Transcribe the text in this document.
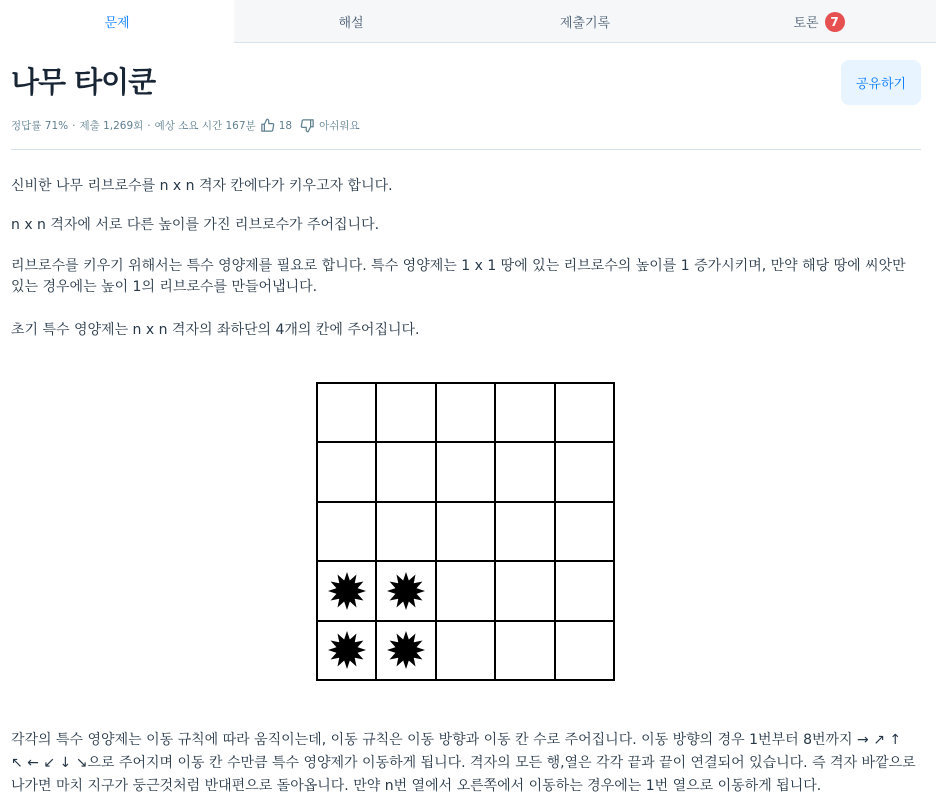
문제	해설	제출기록	토론 7
나무 타이쿤	공유하기
정답률 71% · 제출 1,269회 · 예상 소요 시간 167분 18	아쉬워요

신비한 나무 리브로수를 n x n 격자 칸에다가 키우고자 합니다.

n x n 격자에 서로 다른 높이를 가진 리브로수가 주어집니다.

리브로수를 키우기 위해서는 특수 영양제를 필요로 합니다. 특수 영양제는 1 x 1 땅에 있는 리브로수의 높이를 1 증가시키며, 만약 해당 땅에 씨앗만 있는 경우에는 높이 1의 리브로수를 만들어냅니다.

초기 특수 영양제는 n x n 격자의 좌하단의 4개의 칸에 주어집니다.

각각의 특수 영양제는 이동 규칙에 따라 움직이는데, 이동 규칙은 이동 방향과 이동 칸 수로 주어집니다. 이동 방향의 경우 1번부터 8번까지 → ↗ ↑ ↖ ← ↙ ↓ ↘으로 주어지며 이동 칸 수만큼 특수 영양제가 이동하게 됩니다. 격자의 모든 행,열은 각각 끝과 끝이 연결되어 있습니다. 즉 격자 바깥으로 나가면 마치 지구가 둥근것처럼 반대편으로 돌아옵니다. 만약 n번 열에서 오른쪽에서 이동하는 경우에는 1번 열으로 이동하게 됩니다.
